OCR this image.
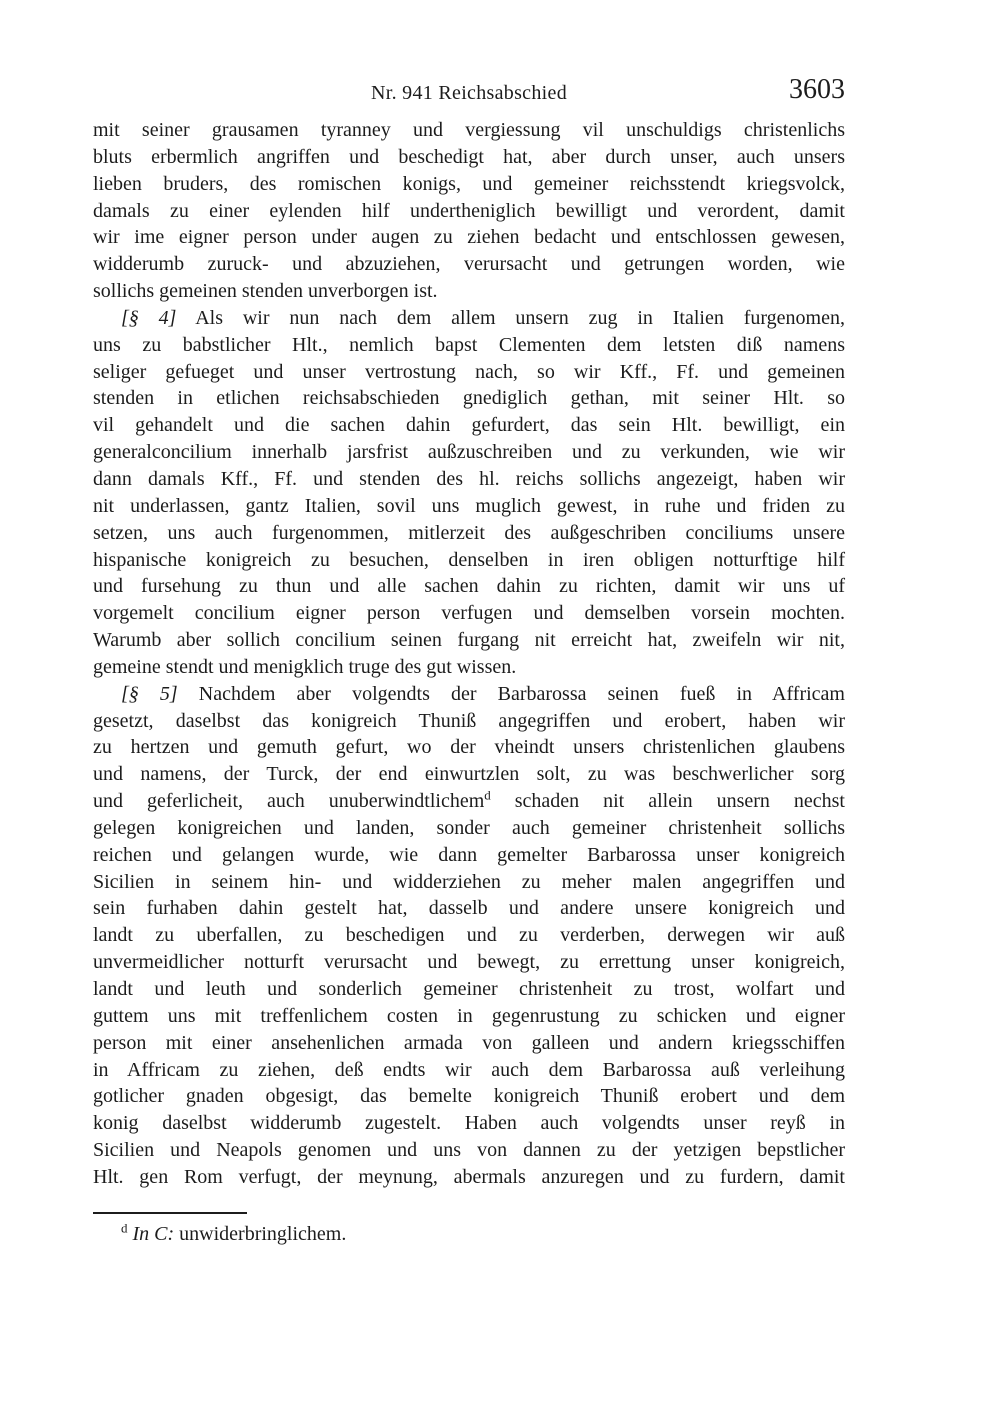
Nr. 941 Reichsabschied	3603
mit seiner grausamen tyranney und vergiessung vil unschuldigs christenlichs
bluts erbermlich angriffen und beschedigt hat, aber durch unser, auch unsers
lieben bruders, des romischen konigs, und gemeiner reichsstendt kriegsvolck,
damals zu einer eylenden hilf undertheniglich bewilligt und verordent, damit
wir ime eigner person under augen zu ziehen bedacht und entschlossen gewesen,
widderumb zuruck- und abzuziehen, verursacht und getrungen worden, wie
sollichs gemeinen stenden unverborgen ist.
[§ 4] Als wir nun nach dem allem unsern zug in Italien furgenomen,
uns zu babstlicher Hlt., nemlich bapst Clementen dem letsten diß namens
seliger gefueget und unser vertrostung nach, so wir Kff., Ff. und gemeinen
stenden in etlichen reichsabschieden gnediglich gethan, mit seiner Hlt. so
vil gehandelt und die sachen dahin gefurdert, das sein Hlt. bewilligt, ein
generalconcilium innerhalb jarsfrist außzuschreiben und zu verkunden, wie wir
dann damals Kff., Ff. und stenden des hl. reichs sollichs angezeigt, haben wir
nit underlassen, gantz Italien, sovil uns muglich gewest, in ruhe und friden zu
setzen, uns auch furgenommen, mitlerzeit des außgeschriben conciliums unsere
hispanische konigreich zu besuchen, denselben in iren obligen notturftige hilf
und fursehung zu thun und alle sachen dahin zu richten, damit wir uns uf
vorgemelt concilium eigner person verfugen und demselben vorsein mochten.
Warumb aber sollich concilium seinen furgang nit erreicht hat, zweifeln wir nit,
gemeine stendt und menigklich truge des gut wissen.
[§ 5] Nachdem aber volgendts der Barbarossa seinen fueß in Affricam
gesetzt, daselbst das konigreich Thuniß angegriffen und erobert, haben wir
zu hertzen und gemuth gefurt, wo der vheindt unsers christenlichen glaubens
und namens, der Turck, der end einwurtzlen solt, zu was beschwerlicher sorg
und geferlicheit, auch unuberwindtlichem$^d$ schaden nit allein unsern nechst
gelegen konigreichen und landen, sonder auch gemeiner christenheit sollichs
reichen und gelangen wurde, wie dann gemelter Barbarossa unser konigreich
Sicilien in seinem hin- und widderziehen zu meher malen angegriffen und
sein furhaben dahin gestelt hat, dasselb und andere unsere konigreich und
landt zu uberfallen, zu beschedigen und zu verderben, derwegen wir auß
unvermeidlicher notturft verursacht und bewegt, zu errettung unser konigreich,
landt und leuth und sonderlich gemeiner christenheit zu trost, wolfart und
guttem uns mit treffenlichem costen in gegenrustung zu schicken und eigner
person mit einer ansehenlichen armada von galleen und andern kriegsschiffen
in Affricam zu ziehen, deß endts wir auch dem Barbarossa auß verleihung
gotlicher gnaden obgesigt, das bemelte konigreich Thuniß erobert und dem
konig daselbst widderumb zugestelt. Haben auch volgendts unser reyß in
Sicilien und Neapols genomen und uns von dannen zu der yetzigen bepstlicher
Hlt. gen Rom verfugt, der meynung, abermals anzuregen und zu furdern, damit
$^d$ In C: unwiderbringlichem.
